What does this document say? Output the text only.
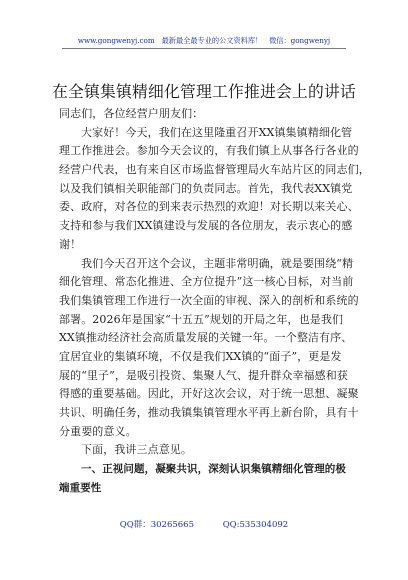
www.gongwenyj.com 最新最全最专业的公文资料库！ 微信：gongwenyj
在全镇集镇精细化管理工作推进会上的讲话
同志们，各位经营户朋友们：
大家好！今天，我们在这里隆重召开XX镇集镇精细化管
理工作推进会。参加今天会议的，有我们镇上从事各行各业的
经营户代表，也有来自区市场监督管理局火车站片区的同志们，
以及我们镇相关职能部门的负责同志。首先，我代表XX镇党
委、政府，对各位的到来表示热烈的欢迎！对长期以来关心、
支持和参与我们XX镇建设与发展的各位朋友，表示衷心的感
谢！
我们今天召开这个会议，主题非常明确，就是要围绕“精
细化管理、常态化推进、全方位提升”这一核心目标，对当前
我们集镇管理工作进行一次全面的审视、深入的剖析和系统的
部署。2026年是国家“十五五”规划的开局之年，也是我们
XX镇推动经济社会高质量发展的关键一年。一个整洁有序、
宜居宜业的集镇环境，不仅是我们XX镇的“面子”，更是发
展的“里子”，是吸引投资、集聚人气、提升群众幸福感和获
得感的重要基础。因此，开好这次会议，对于统一思想、凝聚
共识、明确任务，推动我镇集镇管理水平再上新台阶，具有十
分重要的意义。
下面，我讲三点意见。
一、正视问题，凝聚共识，深刻认识集镇精细化管理的极
端重要性
QQ群：30265665	QQ:535304092
